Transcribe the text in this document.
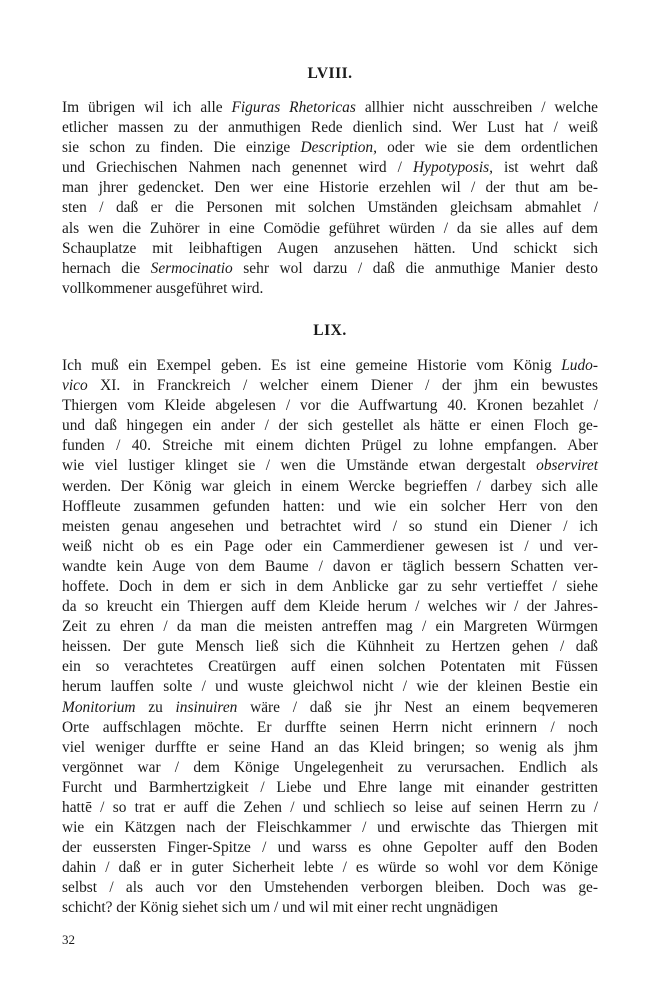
LVIII.
Im übrigen wil ich alle Figuras Rhetoricas allhier nicht ausschreiben / welche
etlicher massen zu der anmuthigen Rede dienlich sind. Wer Lust hat / weiß
sie schon zu finden. Die einzige Description, oder wie sie dem ordentlichen
und Griechischen Nahmen nach genennet wird / Hypotyposis, ist wehrt daß
man jhrer gedencket. Den wer eine Historie erzehlen wil / der thut am be-
sten / daß er die Personen mit solchen Umständen gleichsam abmahlet /
als wen die Zuhörer in eine Comödie geführet würden / da sie alles auf dem
Schauplatze mit leibhaftigen Augen anzusehen hätten. Und schickt sich
hernach die Sermocinatio sehr wol darzu / daß die anmuthige Manier desto
vollkommener ausgeführet wird.
LIX.
Ich muß ein Exempel geben. Es ist eine gemeine Historie vom König Ludo-
vico XI. in Franckreich / welcher einem Diener / der jhm ein bewustes
Thiergen vom Kleide abgelesen / vor die Auffwartung 40. Kronen bezahlet /
und daß hingegen ein ander / der sich gestellet als hätte er einen Floch ge-
funden / 40. Streiche mit einem dichten Prügel zu lohne empfangen. Aber
wie viel lustiger klinget sie / wen die Umstände etwan dergestalt observiret
werden. Der König war gleich in einem Wercke begrieffen / darbey sich alle
Hoffleute zusammen gefunden hatten: und wie ein solcher Herr von den
meisten genau angesehen und betrachtet wird / so stund ein Diener / ich
weiß nicht ob es ein Page oder ein Cammerdiener gewesen ist / und ver-
wandte kein Auge von dem Baume / davon er täglich bessern Schatten ver-
hoffete. Doch in dem er sich in dem Anblicke gar zu sehr vertieffet / siehe
da so kreucht ein Thiergen auff dem Kleide herum / welches wir / der Jahres-
Zeit zu ehren / da man die meisten antreffen mag / ein Margreten Würmgen
heissen. Der gute Mensch ließ sich die Kühnheit zu Hertzen gehen / daß
ein so verachtetes Creatürgen auff einen solchen Potentaten mit Füssen
herum lauffen solte / und wuste gleichwol nicht / wie der kleinen Bestie ein
Monitorium zu insinuiren wäre / daß sie jhr Nest an einem beqvemeren
Orte auffschlagen möchte. Er durffte seinen Herrn nicht erinnern / noch
viel weniger durffte er seine Hand an das Kleid bringen; so wenig als jhm
vergönnet war / dem Könige Ungelegenheit zu verursachen. Endlich als
Furcht und Barmhertzigkeit / Liebe und Ehre lange mit einander gestritten
hattē / so trat er auff die Zehen / und schliech so leise auf seinen Herrn zu /
wie ein Kätzgen nach der Fleischkammer / und erwischte das Thiergen mit
der eussersten Finger-Spitze / und warss es ohne Gepolter auff den Boden
dahin / daß er in guter Sicherheit lebte / es würde so wohl vor dem Könige
selbst / als auch vor den Umstehenden verborgen bleiben. Doch was ge-
schicht? der König siehet sich um / und wil mit einer recht ungnädigen
32
